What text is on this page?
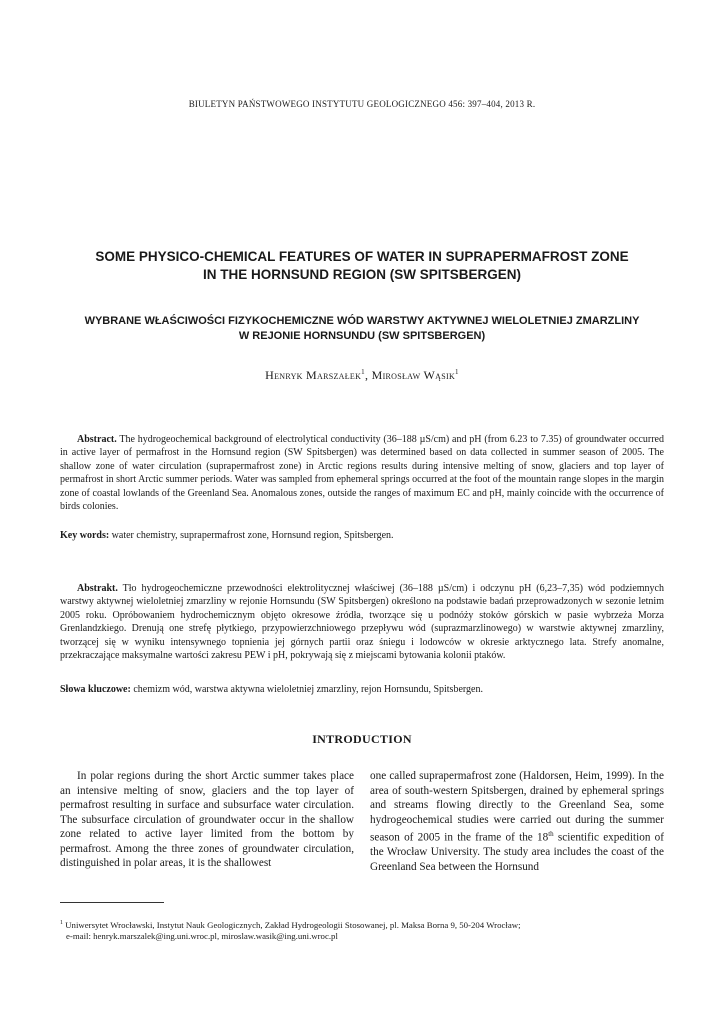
BIULETYN PAŃSTWOWEGO INSTYTUTU GEOLOGICZNEGO 456: 397–404, 2013 R.
SOME PHYSICO-CHEMICAL FEATURES OF WATER IN SUPRAPERMAFROST ZONE
IN THE HORNSUND REGION (SW SPITSBERGEN)
WYBRANE WŁAŚCIWOŚCI FIZYKOCHEMICZNE WÓD WARSTWY AKTYWNEJ WIELOLETNIEJ ZMARZLINY
W REJONIE HORNSUNDU (SW SPITSBERGEN)
Henryk Marszałek$^1$, Mirosław Wąsik$^1$

Abstract. The hydrogeochemical background of electrolytical conductivity (36–188 µS/cm) and pH (from 6.23 to 7.35) of groundwater occurred in active layer of permafrost in the Hornsund region (SW Spitsbergen) was determined based on data collected in summer season of 2005. The shallow zone of water circulation (suprapermafrost zone) in Arctic regions results during intensive melting of snow, glaciers and top layer of permafrost in short Arctic summer periods. Water was sampled from ephemeral springs occurred at the foot of the mountain range slopes in the margin zone of coastal lowlands of the Greenland Sea. Anomalous zones, outside the ranges of maximum EC and pH, mainly coincide with the occurrence of birds colonies.

Key words: water chemistry, suprapermafrost zone, Hornsund region, Spitsbergen.

Abstrakt. Tło hydrogeochemiczne przewodności elektrolitycznej właściwej (36–188 µS/cm) i odczynu pH (6,23–7,35) wód podziemnych warstwy aktywnej wieloletniej zmarzliny w rejonie Hornsundu (SW Spitsbergen) określono na podstawie badań przeprowadzonych w sezonie letnim 2005 roku. Opróbowaniem hydrochemicznym objęto okresowe źródła, tworzące się u podnóży stoków górskich w pasie wybrzeża Morza Grenlandzkiego. Drenują one strefę płytkiego, przypowierzchniowego przepływu wód (suprazmarzlinowego) w warstwie aktywnej zmarzliny, tworzącej się w wyniku intensywnego topnienia jej górnych partii oraz śniegu i lodowców w okresie arktycznego lata. Strefy anomalne, przekraczające maksymalne wartości zakresu PEW i pH, pokrywają się z miejscami bytowania kolonii ptaków.

Słowa kluczowe: chemizm wód, warstwa aktywna wieloletniej zmarzliny, rejon Hornsundu, Spitsbergen.

INTRODUCTION

In polar regions during the short Arctic summer takes place an intensive melting of snow, glaciers and the top layer of permafrost resulting in surface and subsurface water circulation. The subsurface circulation of groundwater occur in the shallow zone related to active layer limited from the bottom by permafrost. Among the three zones of groundwater circulation, distinguished in polar areas, it is the shallowest

one called suprapermafrost zone (Haldorsen, Heim, 1999). In the area of south-western Spitsbergen, drained by ephemeral springs and streams flowing directly to the Greenland Sea, some hydrogeochemical studies were carried out during the summer season of 2005 in the frame of the 18th scientific expedition of the Wrocław University. The study area includes the coast of the Greenland Sea between the Hornsund

$^1$ Uniwersytet Wrocławski, Instytut Nauk Geologicznych, Zakład Hydrogeologii Stosowanej, pl. Maksa Borna 9, 50-204 Wrocław;
e-mail: henryk.marszalek@ing.uni.wroc.pl, miroslaw.wasik@ing.uni.wroc.pl
